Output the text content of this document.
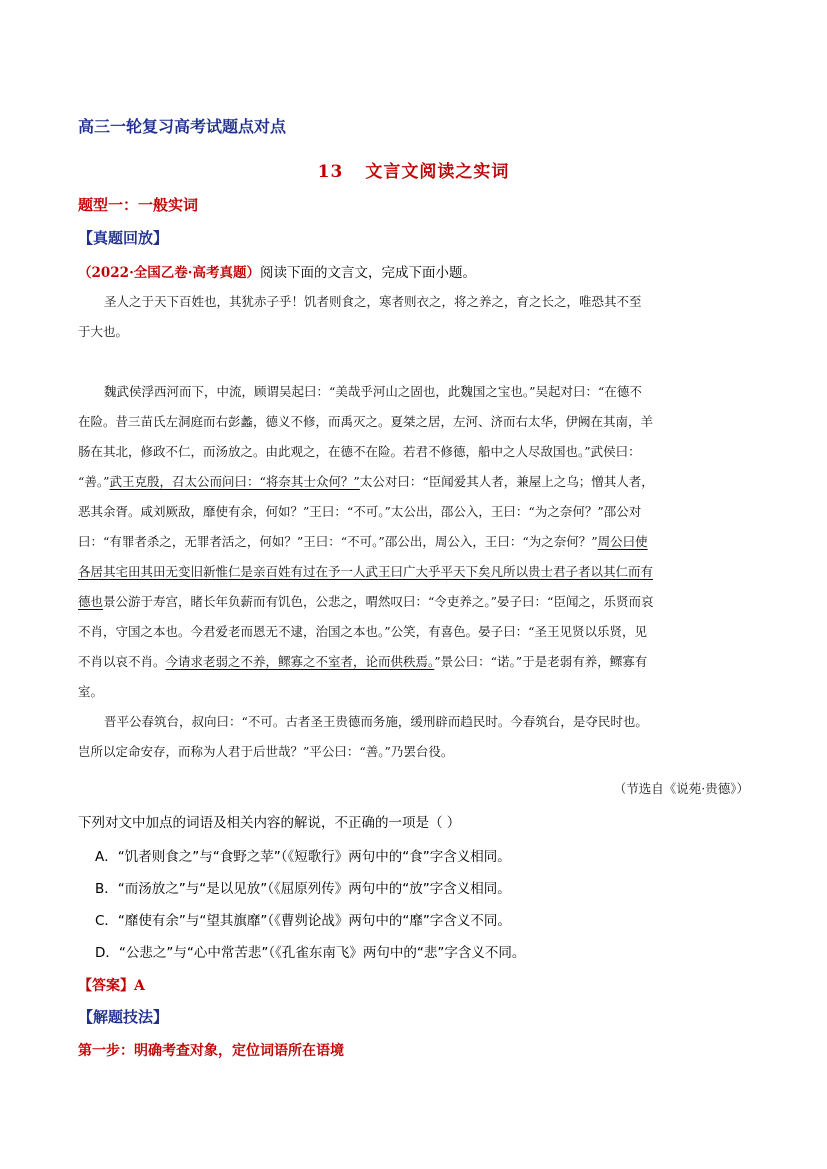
高三一轮复习高考试题点对点
13 文言文阅读之实词
题型一：一般实词
【真题回放】
（2022·全国乙卷·高考真题）阅读下面的文言文，完成下面小题。
圣人之于天下百姓也，其犹赤子乎！饥者则食之，寒者则衣之，将之养之，育之长之，唯恐其不至
于大也。
魏武侯浮西河而下，中流，顾谓吴起曰：“美哉乎河山之固也，此魏国之宝也。”吴起对曰：“在德不
在险。昔三苗氏左洞庭而右彭蠡，德义不修，而禹灭之。夏桀之居，左河、济而右太华，伊阙在其南，羊
肠在其北，修政不仁，而汤放之。由此观之，在德不在险。若君不修德，船中之人尽敌国也。”武侯曰：
“善。”武王克殷，召太公而问曰：“将奈其士众何？”太公对曰：“臣闻爱其人者，兼屋上之乌；憎其人者，
恶其余胥。咸刘厥敌，靡使有余，何如？”王曰：“不可。”太公出，邵公入，王曰：“为之奈何？”邵公对
曰：“有罪者杀之，无罪者活之，何如？”王曰：“不可。”邵公出，周公入，王曰：“为之奈何？”周公曰使
各居其宅田其田无变旧新惟仁是亲百姓有过在予一人武王曰广大乎平天下矣凡所以贵士君子者以其仁而有
德也景公游于寿宫，睹长年负薪而有饥色，公悲之，喟然叹曰：“令吏养之。”晏子曰：“臣闻之，乐贤而哀
不肖，守国之本也。今君爱老而恩无不逮，治国之本也。”公笑，有喜色。晏子曰：“圣王见贤以乐贤，见
不肖以哀不肖。今请求老弱之不养，鳏寡之不室者，论而供秩焉。”景公曰：“诺。”于是老弱有养，鳏寡有
室。
晋平公春筑台，叔向曰：“不可。古者圣王贵德而务施，缓刑辟而趋民时。今春筑台，是夺民时也。
岂所以定命安存，而称为人君于后世哉？”平公曰：“善。”乃罢台役。
（节选自《说苑·贵德》）
下列对文中加点的词语及相关内容的解说，不正确的一项是（ ）
A．“饥者则食之”与“食野之苹”（《短歌行》两句中的“食”字含义相同。
B．“而汤放之”与“是以见放”（《屈原列传》两句中的“放”字含义相同。
C．“靡使有余”与“望其旗靡”（《曹刿论战》两句中的“靡”字含义不同。
D．“公悲之”与“心中常苦悲”（《孔雀东南飞》两句中的“悲”字含义不同。
【答案】A
【解题技法】
第一步：明确考查对象，定位词语所在语境
